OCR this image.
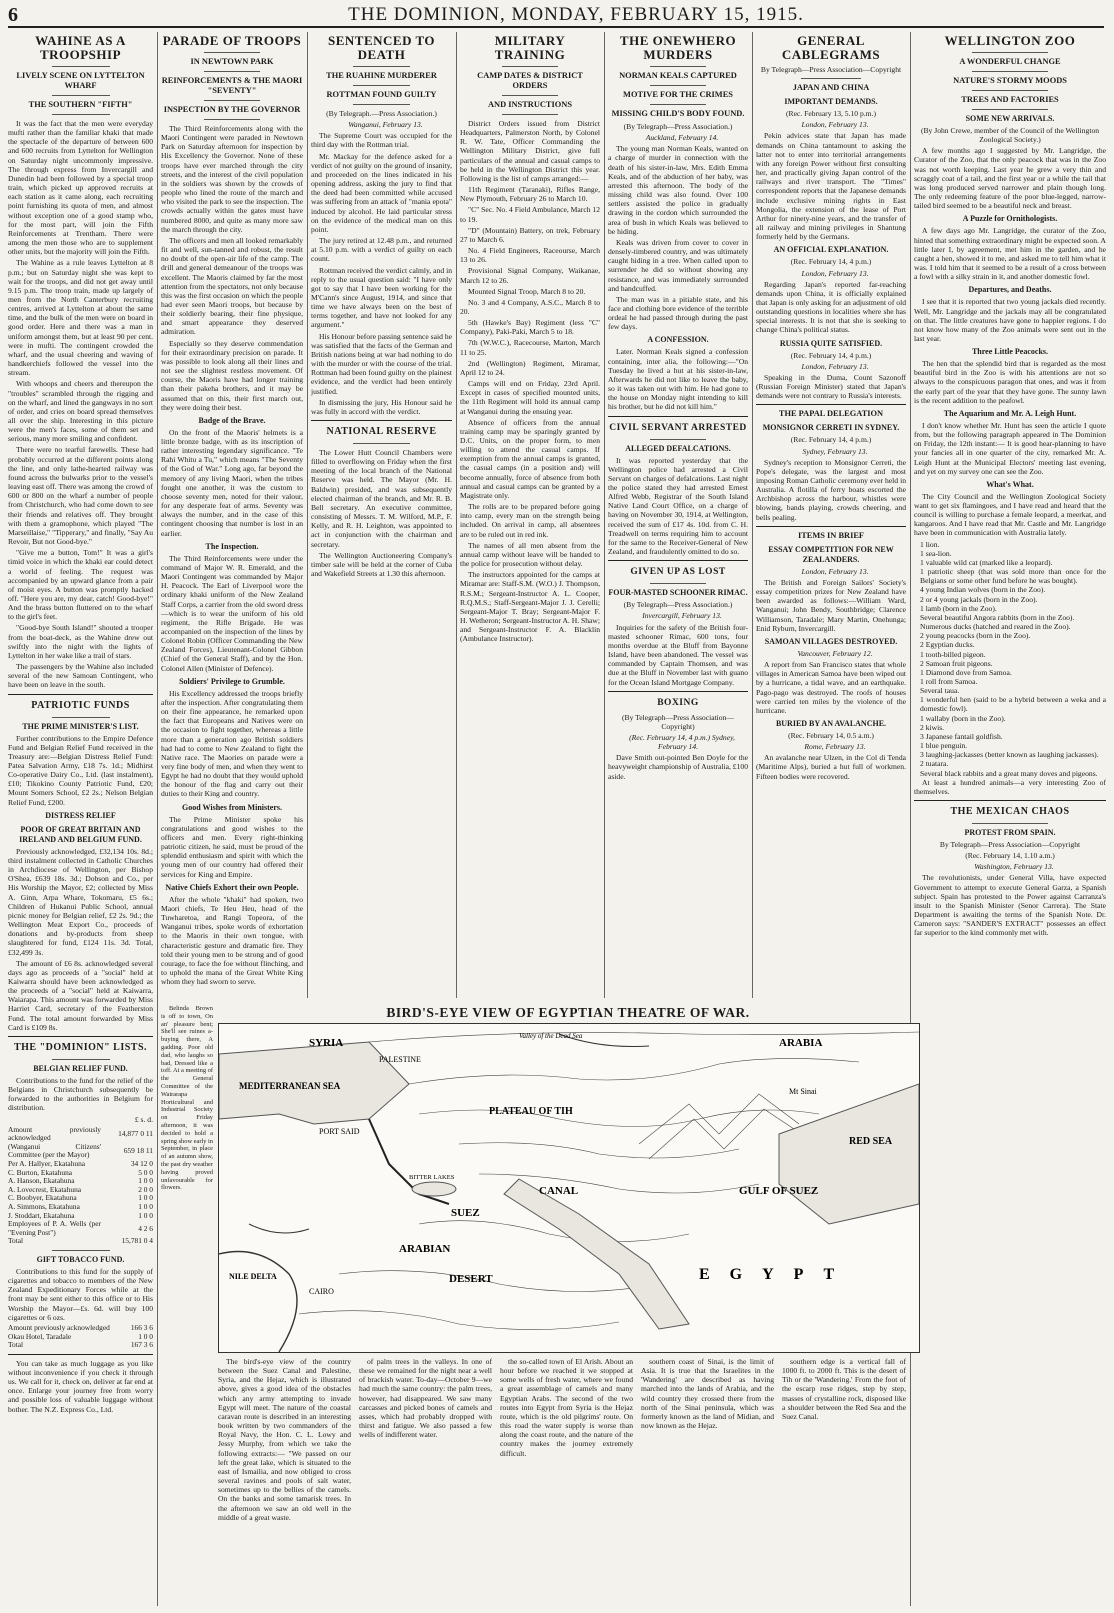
6	THE DOMINION, MONDAY, FEBRUARY 15, 1915.
WAHINE AS A TROOPSHIP
LIVELY SCENE ON LYTTELTON WHARF
THE SOUTHERN "FIFTH"

It was the fact that the men were everyday mufti rather than the familiar khaki that made the spectacle of the departure of between 600 and 600 recruits from Lyttelton for Wellington on Saturday night uncommonly impressive. The through express from Invercargill and Dunedin had been followed by a special troop train, which picked up approved recruits at each station as it came along, each recruiting point furnishing its quota of men, and almost without exception one of a good stamp who, for the most part, will join the Fifth Reinforcements at Trentham. There were among the men those who are to supplement other units, but the majority will join the Fifth.

The Wahine as a rule leaves Lyttelton at 8 p.m.; but on Saturday night she was kept to wait for the troops, and did not get away until 9.15 p.m. The troop train, made up largely of men from the North Canterbury recruiting centres, arrived at Lyttelton at about the same time, and the bulk of the men were on board in good order. Here and there was a man in uniform amongst them, but at least 90 per cent. were in mufti. The contingent crowded the wharf, and the usual cheering and waving of handkerchiefs followed the vessel into the stream.

With whoops and cheers and thereupon the "troubles" scrambled through the rigging and on the wharf, and lined the gangways in no sort of order, and cries on board spread themselves all over the ship. Interesting in this picture were the men's faces, some of them set and serious, many more smiling and confident.

There were no tearful farewells. These had probably occurred at the different points along the line, and only lathe-hearted railway was found across the bulwarks prior to the vessel's leaving east off. There was among the crowd of 600 or 800 on the wharf a number of people from Christchurch, who had come down to see their friends and relatives off. They brought with them a gramophone, which played "The Marseillaise," "Tipperary," and finally, "Say Au Revoir, But not Good-bye."

"Give me a button, Tom!" It was a girl's timid voice in which the khaki ear could detect a world of feeling. The request was accompanied by an upward glance from a pair of moist eyes. A button was promptly hacked off. "Here you are, my dear, catch! Good-bye!" And the brass button fluttered on to the wharf to the girl's feet.

"Good-bye South Island!" shouted a trooper from the boat-deck, as the Wahine drew out swiftly into the night with the lights of Lyttelton in her wake like a trail of stars.

The passengers by the Wahine also included several of the new Samoan Contingent, who have been on leave in the south.

PATRIOTIC FUNDS
THE PRIME MINISTER'S LIST.

Further contributions to the Empire Defence Fund and Belgian Relief Fund received in the Treasury are:—Belgian Distress Relief Fund: Patea Salvation Army, £18 7s. 1d.; Midhirst Co-operative Dairy Co., Ltd. (last instalment), £10; Tikokino County Patriotic Fund, £20; Mount Somers School, £2 2s.; Nelson Belgian Relief Fund, £200.

DISTRESS RELIEF
POOR OF GREAT BRITAIN AND IRELAND AND BELGIUM FUND.

Previously acknowledged, £32,134 10s. 8d.; third instalment collected in Catholic Churches in Archdiocese of Wellington, per Bishop O'Shea, £639 18s. 3d.; Dobson and Co., per His Worship the Mayor, £2; collected by Miss A. Ginn, Arpa Whare, Tokomaru, £5 6s.; Children of Hukanui Public School, annual picnic money for Belgian relief, £2 2s. 9d.; the Wellington Meat Export Co., proceeds of donations and by-products from sheep slaughtered for fund, £124 11s. 3d. Total, £32,499 3s.

The amount of £6 8s. acknowledged several days ago as proceeds of a "social" held at Kaiwarra should have been acknowledged as the proceeds of a "social" held at Kaiwarra, Waiarapa. This amount was forwarded by Miss Harriet Card, secretary of the Featherston Fund. The total amount forwarded by Miss Card is £109 8s.

THE "DOMINION" LISTS.
BELGIAN RELIEF FUND.

Contributions to the fund for the relief of the Belgians in Christchurch subsequently be forwarded to the authorities in Belgium for distribution.

£ s. d.

Amount previously acknowledged	14,877 0 11
(Wanganui Citizens' Committee (per the Mayor)	659 18 11
Per A. Hallyer, Ekatahuna	34 12 0
C. Burton, Ekatahuna	5 0 0
A. Hanson, Ekatahuna	1 0 0
A. Lovecrest, Ekatahuna	2 0 0
C. Boobyer, Ekatahuna	1 0 0
A. Simmons, Ekatahuna	1 0 0
J. Stoddart, Ekatahuna	1 0 0
Employees of P. A. Wells (per "Evening Post")	4 2 6
Total	15,781 0 4
GIFT TOBACCO FUND.

Contributions to this fund for the supply of cigarettes and tobacco to members of the New Zealand Expeditionary Forces while at the front may be sent either to this office or to His Worship the Mayor—£s. 6d. will buy 100 cigarettes or 6 ozs.

Amount previously acknowledged	166 3 6
Okau Hotel, Taradale	1 0 0
Total	167 3 6

You can take as much luggage as you like without inconvenience if you check it through us. We call for it, check on, deliver at far end at once. Enlarge your journey free from worry and possible loss of valuable luggage without bother. The N.Z. Express Co., Ltd.

PARADE OF TROOPS
IN NEWTOWN PARK
REINFORCEMENTS & THE MAORI "SEVENTY"
INSPECTION BY THE GOVERNOR

The Third Reinforcements along with the Maori Contingent were paraded in Newtown Park on Saturday afternoon for inspection by His Excellency the Governor. None of these troops have ever marched through the city streets, and the interest of the civil population in the soldiers was shown by the crowds of people who lined the route of the march and who visited the park to see the inspection. The crowds actually within the gates must have numbered 8000, and quite as many more saw the march through the city.

The officers and men all looked remarkably fit and well, sun-tanned and robust, the result no doubt of the open-air life of the camp. The drill and general demeanour of the troops was excellent. The Maoris claimed by far the most attention from the spectators, not only because this was the first occasion on which the people had ever seen Maori troops, but because by their soldierly bearing, their fine physique, and smart appearance they deserved admiration.

Especially so they deserve commendation for their extraordinary precision on parade. It was possible to look along all their lines and not see the slightest restless movement. Of course, the Maoris have had longer training than their pakeha brothers, and it may be assumed that on this, their first march out, they were doing their best.

Badge of the Brave.

On the front of the Maoris' helmets is a little bronze badge, with as its inscription of rather interesting legendary significance. "Te Rahi Whitu a Tu," which means "The Seventy of the God of War." Long ago, far beyond the memory of any living Maori, when the tribes fought one another, it was the custom to choose seventy men, noted for their valour, for any desperate feat of arms. Seventy was always the number, and in the case of this contingent choosing that number is lost in an earlier.

The Inspection.

The Third Reinforcements were under the command of Major W. R. Emerald, and the Maori Contingent was commanded by Major H. Peacock. The Earl of Liverpool wore the ordinary khaki uniform of the New Zealand Staff Corps, a carrier from the old sword dress—which is to wear the uniform of his old regiment, the Rifle Brigade. He was accompanied on the inspection of the lines by Colonel Robin (Officer Commanding the New Zealand Forces), Lieutenant-Colonel Gibbon (Chief of the General Staff), and by the Hon. Colonel Allen (Minister of Defence).

Soldiers' Privilege to Grumble.

His Excellency addressed the troops briefly after the inspection. After congratulating them on their fine appearance, he remarked upon the fact that Europeans and Natives were on the occasion to fight together, whereas a little more than a generation ago British soldiers had had to come to New Zealand to fight the Native race. The Maories on parade were a very fine body of men, and when they went to Egypt he had no doubt that they would uphold the honour of the flag and carry out their duties to their King and country.

Good Wishes from Ministers.

The Prime Minister spoke his congratulations and good wishes to the officers and men. Every right-thinking patriotic citizen, he said, must be proud of the splendid enthusiasm and spirit with which the young men of our country had offered their services for King and Empire.

Native Chiefs Exhort their own People.

After the whole "khaki" had spoken, two Maori chiefs, Te Heu Heu, head of the Tuwharetoa, and Rangi Topeora, of the Wanganui tribes, spoke words of exhortation to the Maoris in their own tongue, with characteristic gesture and dramatic fire. They told their young men to be strong and of good courage, to face the foe without flinching, and to uphold the mana of the Great White King whom they had sworn to serve.

SENTENCED TO DEATH
THE RUAHINE MURDERER
ROTTMAN FOUND GUILTY

(By Telegraph.—Press Association.)

Wanganui, February 13.

The Supreme Court was occupied for the third day with the Rottman trial.

Mr. Mackay for the defence asked for a verdict of not guilty on the ground of insanity, and proceeded on the lines indicated in his opening address, asking the jury to find that the deed had been committed while accused was suffering from an attack of "mania epota" induced by alcohol. He laid particular stress on the evidence of the medical man on this point.

The jury retired at 12.48 p.m., and returned at 5.10 p.m. with a verdict of guilty on each count.

Rottman received the verdict calmly, and in reply to the usual question said: "I have only got to say that I have been working for the M'Cann's since August, 1914, and since that time we have always been on the best of terms together, and have not looked for any argument."

His Honour before passing sentence said he was satisfied that the facts of the German and British nations being at war had nothing to do with the murder or with the course of the trial. Rottman had been found guilty on the plainest evidence, and the verdict had been entirely justified.

In dismissing the jury, His Honour said he was fully in accord with the verdict.

NATIONAL RESERVE

The Lower Hutt Council Chambers were filled to overflowing on Friday when the first meeting of the local branch of the National Reserve was held. The Mayor (Mr. H. Baldwin) presided, and was subsequently elected chairman of the branch, and Mr. R. B. Bell secretary. An executive committee, consisting of Messrs. T. M. Wilford, M.P., F. Kelly, and R. H. Leighton, was appointed to act in conjunction with the chairman and secretary.

The Wellington Auctioneering Company's timber sale will be held at the corner of Cuba and Wakefield Streets at 1.30 this afternoon.

MILITARY TRAINING
CAMP DATES & DISTRICT ORDERS
AND INSTRUCTIONS

District Orders issued from District Headquarters, Palmerston North, by Colonel R. W. Tate, Officer Commanding the Wellington Military District, give full particulars of the annual and casual camps to be held in the Wellington District this year. Following is the list of camps arranged:—

11th Regiment (Taranaki), Rifles Range, New Plymouth, February 26 to March 10.

"C" Sec. No. 4 Field Ambulance, March 12 to 19.

"D" (Mountain) Battery, on trek, February 27 to March 6.

No. 4 Field Engineers, Raceourse, March 13 to 26.

Provisional Signal Company, Waikanae, March 12 to 26.

Mounted Signal Troop, March 8 to 20.

No. 3 and 4 Company, A.S.C., March 8 to 20.

5th (Hawke's Bay) Regiment (less "C" Company), Paki-Paki, March 5 to 18.

7th (W.W.C.), Racecourse, Marton, March 11 to 25.

2nd (Wellington) Regiment, Miramar, April 12 to 24.

Camps will end on Friday, 23rd April. Except in cases of specified mounted units, the 11th Regiment will hold its annual camp at Wanganui during the ensuing year.

Absence of officers from the annual training camp may be sparingly granted by D.C. Units, on the proper form, to men willing to attend the casual camps. If exemption from the annual camps is granted, the casual camps (in a position and) will become annually, force of absence from both annual and casual camps can be granted by a Magistrate only.

The rolls are to be prepared before going into camp, every man on the strength being included. On arrival in camp, all absentees are to be ruled out in red ink.

The names of all men absent from the annual camp without leave will be handed to the police for prosecution without delay.

The instructors appointed for the camps at Miramar are: Staff-S.M. (W.O.) J. Thompson, R.S.M.; Sergeant-Instructor A. L. Cooper, R.Q.M.S.; Staff-Sergeant-Major J. J. Cerelli; Sergeant-Major T. Bray; Sergeant-Major F. H. Wetheron; Sergeant-Instructor A. H. Shaw; and Sergeant-Instructor F. A. Blacklin (Ambulance Instructor).

THE ONEWHERO MURDERS
NORMAN KEALS CAPTURED
MOTIVE FOR THE CRIMES
MISSING CHILD'S BODY FOUND.

(By Telegraph—Press Association.)

Auckland, February 14.

The young man Norman Keals, wanted on a charge of murder in connection with the death of his sister-in-law, Mrs. Edith Emma Keals, and of the abduction of her baby, was arrested this afternoon. The body of the missing child was also found. Over 100 settlers assisted the police in gradually drawing in the cordon which surrounded the area of bush in which Keals was believed to be hiding.

Keals was driven from cover to cover in densely-timbered country, and was ultimately caught hiding in a tree. When called upon to surrender he did so without showing any resistance, and was immediately surrounded and handcuffed.

The man was in a pitiable state, and his face and clothing bore evidence of the terrible ordeal he had passed through during the past few days.

A CONFESSION.

Later. Norman Keals signed a confession containing, inter alia, the following:—"On Tuesday he lived a hut at his sister-in-law, Afterwards he did not like to leave the baby, so it was taken out with him. He had gone to the house on Monday night intending to kill his brother, but he did not kill him."

CIVIL SERVANT ARRESTED
ALLEGED DEFALCATIONS.

It was reported yesterday that the Wellington police had arrested a Civil Servant on charges of defalcations. Last night the police stated they had arrested Ernest Alfred Webb, Registrar of the South Island Native Land Court Office, on a charge of having on November 30, 1914, at Wellington, received the sum of £17 4s. 10d. from C. H. Treadwell on terms requiring him to account for the same to the Receiver-General of New Zealand, and fraudulently omitted to do so.

GIVEN UP AS LOST
FOUR-MASTED SCHOONER RIMAC.

(By Telegraph—Press Association.)

Invercargill, February 13.

Inquiries for the safety of the British four-masted schooner Rimac, 600 tons, four months overdue at the Bluff from Bayonne Island, have been abandoned. The vessel was commanded by Captain Thomsen, and was due at the Bluff in November last with guano for the Ocean Island Mortgage Company.

BOXING

(By Telegraph—Press Association—Copyright)

(Rec. February 14, 4 p.m.) Sydney, February 14.

Dave Smith out-pointed Ben Doyle for the heavyweight championship of Australia, £100 aside.

GENERAL CABLEGRAMS

By Telegraph—Press Association—Copyright

JAPAN AND CHINA
IMPORTANT DEMANDS.

(Rec. February 13, 5.10 p.m.)

London, February 13.

Pekin advices state that Japan has made demands on China tantamount to asking the latter not to enter into territorial arrangements with any foreign Power without first consulting her, and practically giving Japan control of the railways and river transport. The "Times" correspondent reports that the Japanese demands include exclusive mining rights in East Mongolia, the extension of the lease of Port Arthur for ninety-nine years, and the transfer of all railway and mining privileges in Shantung formerly held by the Germans.

AN OFFICIAL EXPLANATION.

(Rec. February 14, 4 p.m.)

London, February 13.

Regarding Japan's reported far-reaching demands upon China, it is officially explained that Japan is only asking for an adjustment of old outstanding questions in localities where she has special interests. It is not that she is seeking to change China's political status.

RUSSIA QUITE SATISFIED.

(Rec. February 14, 4 p.m.)

London, February 13.

Speaking in the Duma, Count Sazonoff (Russian Foreign Minister) stated that Japan's demands were not contrary to Russia's interests.

THE PAPAL DELEGATION
MONSIGNOR CERRETI IN SYDNEY.

(Rec. February 14, 4 p.m.)

Sydney, February 13.

Sydney's reception to Monsignor Cerreti, the Pope's delegate, was the largest and most imposing Roman Catholic ceremony ever held in Australia. A flotilla of ferry boats escorted the Archbishop across the harbour, whistles were blowing, bands playing, crowds cheering, and bells pealing.

ITEMS IN BRIEF
ESSAY COMPETITION FOR NEW ZEALANDERS.

London, February 13.

The British and Foreign Sailors' Society's essay competition prizes for New Zealand have been awarded as follows:—William Ward, Wanganui; John Bendy, Southbridge; Clarence Williamson, Taradale; Mary Martin, Onehunga; Enid Ryburn, Invercargill.

SAMOAN VILLAGES DESTROYED.

Vancouver, February 12.

A report from San Francisco states that whole villages in American Samoa have been wiped out by a hurricane, a tidal wave, and an earthquake. Pago-pago was destroyed. The roofs of houses were carried ten miles by the violence of the hurricane.

BURIED BY AN AVALANCHE.

(Rec. February 14, 0.5 a.m.)

Rome, February 13.

An avalanche near Ulzen, in the Col di Tenda (Maritime Alps), buried a hut full of workmen. Fifteen bodies were recovered.

WELLINGTON ZOO
A WONDERFUL CHANGE
NATURE'S STORMY MOODS
TREES AND FACTORIES
SOME NEW ARRIVALS.

(By John Crewe, member of the Council of the Wellington Zoological Society.)

A few months ago I suggested by Mr. Langridge, the Curator of the Zoo, that the only peacock that was in the Zoo was not worth keeping. Last year he grew a very thin and scraggly coat of a tail, and the first year or a while the tail that was long produced served narrower and plain though long. The only redeeming feature of the poor blue-legged, narrow-tailed bird seemed to be a beautiful neck and breast.

A Puzzle for Ornithologists.

A few days ago Mr. Langridge, the curator of the Zoo, hinted that something extraordinary might be expected soon. A little later I, by agreement, met him in the garden, and he caught a hen, showed it to me, and asked me to tell him what it was. I told him that it seemed to be a result of a cross between a fowl with a silky strain in it, and another domestic fowl.

Departures, and Deaths.

I see that it is reported that two young jackals died recently. Well, Mr. Langridge and the jackals may all be congratulated on that. The little creatures have gone to happier regions. I do not know how many of the Zoo animals were sent out in the last year.

Three Little Peacocks.

The hen that the splendid bird that is regarded as the most beautiful bird in the Zoo is with his attentions are not so always to the conspicuous paragon that ones, and was it from the early part of the year that they have gone. The sunny lawn is the recent addition to the peafowl.

The Aquarium and Mr. A. Leigh Hunt.

I don't know whether Mr. Hunt has seen the article I quote from, but the following paragraph appeared in The Dominion on Friday, the 12th instant:— It is good hear-planning to have your fancies all in one quarter of the city, remarked Mr. A. Leigh Hunt at the Municipal Electors' meeting last evening, and yet on my survey one can see the Zoo.

What's What.

The City Council and the Wellington Zoological Society want to get six flamingoes, and I have read and heard that the council is willing to purchase a female leopard, a meerkat, and kangaroos. And I have read that Mr. Castle and Mr. Langridge have been in communication with Australia lately.

1 lion.
1 sea-lion.
1 valuable wild cat (marked like a leopard).
1 patriotic sheep (that was sold more than once for the Belgians or some other fund before he was bought).
4 young Indian wolves (born in the Zoo).
2 or 4 young jackals (born in the Zoo).
1 lamb (born in the Zoo).
Several beautiful Angora rabbits (born in the Zoo).
Numerous ducks (hatched and reared in the Zoo).
2 young peacocks (born in the Zoo).
2 Egyptian ducks.
1 tooth-billed pigeon.
2 Samoan fruit pigeons.
1 Diamond dove from Samoa.
1 roll from Samoa.
Several taua.
1 wonderful hen (said to be a hybrid between a weka and a domestic fowl).
1 wallaby (born in the Zoo).
2 kiwis.
3 Japanese fantail goldfish.
1 blue penguin.
3 laughing-jackasses (better known as laughing jackasses).
2 tuatara.
Several black rabbits and a great many doves and pigeons.

At least a hundred animals—a very interesting Zoo of themselves.

THE MEXICAN CHAOS
PROTEST FROM SPAIN.

By Telegraph—Press Association—Copyright

(Rec. February 14, 1.10 a.m.)

Washington, February 13.

The revolutionists, under General Villa, have expected Government to attempt to execute General Garza, a Spanish subject. Spain has protested to the Power against Carranza's insult to the Spanish Minister (Senor Carrera). The State Department is awaiting the terms of the Spanish Note. Dr. Cameron says: "SANDER'S EXTRACT" possesses an effect far superior to the kind commonly met with.

BIRD'S-EYE VIEW OF EGYPTIAN THEATRE OF WAR.
SYRIA
Valley of the Dead Sea
ARABIA
PALESTINE
MEDITERRANEAN SEA
PLATEAU OF TIH
Mt Sinai
RED SEA
PORT SAID
SUEZ
CANAL	GULF OF SUEZ
ARABIAN
DESERT	EGYPT
CAIRO
NILE DELTA
BITTER LAKES

The bird's-eye view of the country between the Suez Canal and Palestine, Syria, and the Hejaz, which is illustrated above, gives a good idea of the obstacles which any army attempting to invade Egypt will meet. The nature of the coastal caravan route is described in an interesting book written by two commanders of the Royal Navy, the Hon. C. L. Lowy and Jessy Murphy, from which we take the following extracts:— "We passed on our left the great lake, which is situated to the east of Ismailia, and now obliged to cross several ravines and pools of salt water, sometimes up to the bellies of the camels. On the banks and some tamarisk trees. In the afternoon we saw an old well in the middle of a great waste.

of palm trees in the valleys. In one of these we remained for the night near a well of brackish water. To-day—October 9—we had much the same country: the palm trees, however, had disappeared. We saw many carcasses and picked bones of camels and asses, which had probably dropped with thirst and fatigue. We also passed a few wells of indifferent water.

the so-called town of El Arish. About an hour before we reached it we stopped at some wells of fresh water, where we found a great assemblage of camels and many Egyptian Arabs. The second of the two routes into Egypt from Syria is the Hejaz route, which is the old pilgrims' route. On this road the water supply is worse than along the coast route, and the nature of the country makes the journey extremely difficult.

southern coast of Sinai, is the limit of Asia. It is true that the Israelites in the 'Wandering' are described as having marched into the lands of Arabia, and the wild country they crossed there from the north of the Sinai peninsula, which was formerly known as the land of Midian, and now known as the Hejaz.

southern edge is a vertical fall of 1000 ft. to 2000 ft. This is the desert of Tih or the 'Wandering.' From the foot of the escarp rose ridges, step by step, masses of crystalline rock, disposed like a shoulder between the Red Sea and the Suez Canal.

Belinda Brown is off to town, On an' pleasure bent; She'll see ruines a-buying there, A gadding. Poor old dad, who laughs so bad, Dressed like a toff. At a meeting of the General Committee of the Wairarapa Horticultural and Industrial Society on Friday afternoon, it was decided to hold a spring show early in September, in place of an autumn show, the past dry weather having proved unfavourable for flowers.
